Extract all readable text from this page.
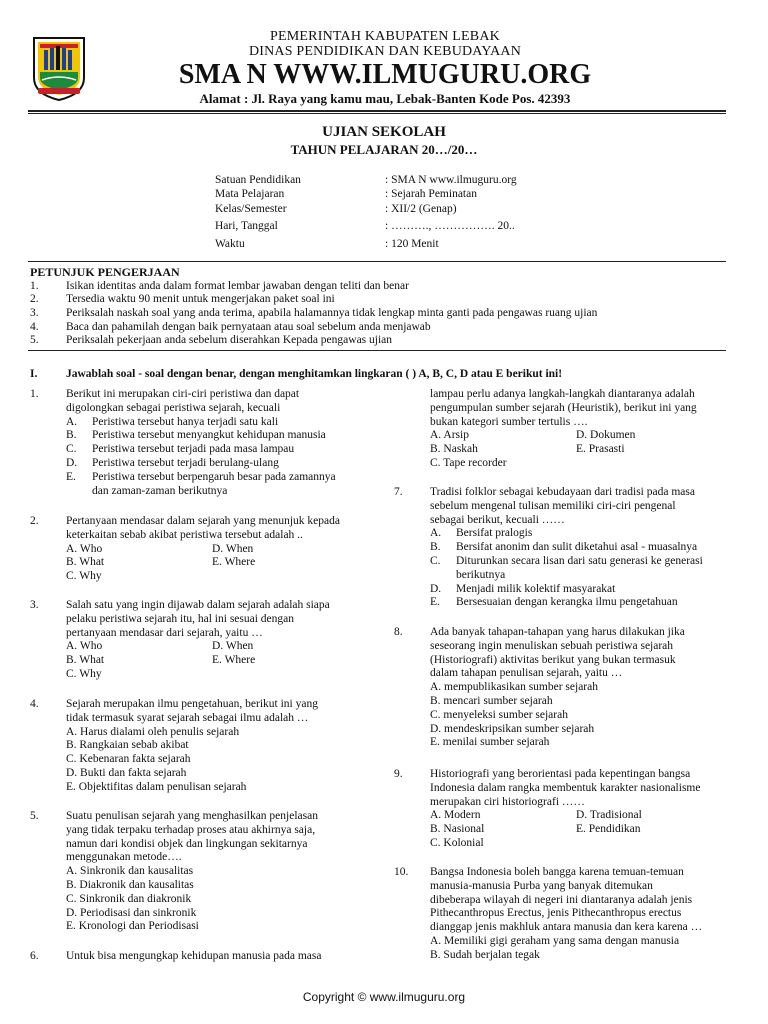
PEMERINTAH KABUPATEN LEBAK
DINAS PENDIDIKAN DAN KEBUDAYAAN
SMA N WWW.ILMUGURU.ORG
Alamat : Jl. Raya yang kamu mau, Lebak-Banten Kode Pos. 42393
UJIAN SEKOLAH
TAHUN PELAJARAN 20…/20…
Satuan Pendidikan	: SMA N www.ilmuguru.org
Mata Pelajaran	: Sejarah Peminatan
Kelas/Semester	: XII/2 (Genap)
Hari, Tanggal	: ………., ……………. 20..
Waktu	: 120 Menit
PETUNJUK PENGERJAAN
1. Isikan identitas anda dalam format lembar jawaban dengan teliti dan benar
2. Tersedia waktu 90 menit untuk mengerjakan paket soal ini
3. Periksalah naskah soal yang anda terima, apabila halamannya tidak lengkap minta ganti pada pengawas ruang ujian
4. Baca dan pahamilah dengan baik pernyataan atau soal sebelum anda menjawab
5. Periksalah pekerjaan anda sebelum diserahkan Kepada pengawas ujian
I. Jawablah soal - soal dengan benar, dengan menghitamkan lingkaran ( ) A, B, C, D atau E berikut ini!
1. Berikut ini merupakan ciri-ciri peristiwa dan dapat
digolongkan sebagai peristiwa sejarah, kecuali
A.	Peristiwa tersebut hanya terjadi satu kali
B.	Peristiwa tersebut menyangkut kehidupan manusia
C.	Peristiwa tersebut terjadi pada masa lampau
D.	Peristiwa tersebut terjadi berulang-ulang
E.	Peristiwa tersebut berpengaruh besar pada zamannya
dan zaman-zaman berikutnya
2. Pertanyaan mendasar dalam sejarah yang menunjuk kepada
keterkaitan sebab akibat peristiwa tersebut adalah ..
A. Who	D. When
B. What	E. Where
C. Why
3. Salah satu yang ingin dijawab dalam sejarah adalah siapa
pelaku peristiwa sejarah itu, hal ini sesuai dengan
pertanyaan mendasar dari sejarah, yaitu …
A. Who	D. When
B. What	E. Where
C. Why
4. Sejarah merupakan ilmu pengetahuan, berikut ini yang
tidak termasuk syarat sejarah sebagai ilmu adalah …
A. Harus dialami oleh penulis sejarah
B. Rangkaian sebab akibat
C. Kebenaran fakta sejarah
D. Bukti dan fakta sejarah
E. Objektifitas dalam penulisan sejarah
5. Suatu penulisan sejarah yang menghasilkan penjelasan
yang tidak terpaku terhadap proses atau akhirnya saja,
namun dari kondisi objek dan lingkungan sekitarnya
menggunakan metode….
A. Sinkronik dan kausalitas
B. Diakronik dan kausalitas
C. Sinkronik dan diakronik
D. Periodisasi dan sinkronik
E. Kronologi dan Periodisasi
6. Untuk bisa mengungkap kehidupan manusia pada masa
lampau perlu adanya langkah-langkah diantaranya adalah
pengumpulan sumber sejarah (Heuristik), berikut ini yang
bukan kategori sumber tertulis ….
A. Arsip	D. Dokumen
B. Naskah	E. Prasasti
C. Tape recorder
7. Tradisi folklor sebagai kebudayaan dari tradisi pada masa
sebelum mengenal tulisan memiliki ciri-ciri pengenal
sebagai berikut, kecuali ……
A.	Bersifat pralogis
B.	Bersifat anonim dan sulit diketahui asal - muasalnya
C.	Diturunkan secara lisan dari satu generasi ke generasi
berikutnya
D.	Menjadi milik kolektif masyarakat
E.	Bersesuaian dengan kerangka ilmu pengetahuan
8. Ada banyak tahapan-tahapan yang harus dilakukan jika
seseorang ingin menuliskan sebuah peristiwa sejarah
(Historiografi) aktivitas berikut yang bukan termasuk
dalam tahapan penulisan sejarah, yaitu …
A. mempublikasikan sumber sejarah
B. mencari sumber sejarah
C. menyeleksi sumber sejarah
D. mendeskripsikan sumber sejarah
E. menilai sumber sejarah
9. Historiografi yang berorientasi pada kepentingan bangsa
Indonesia dalam rangka membentuk karakter nasionalisme
merupakan ciri historiografi ……
A. Modern	D. Tradisional
B. Nasional	E. Pendidikan
C. Kolonial
10. Bangsa Indonesia boleh bangga karena temuan-temuan
manusia-manusia Purba yang banyak ditemukan
dibeberapa wilayah di negeri ini diantaranya adalah jenis
Pithecanthropus Erectus, jenis Pithecanthropus erectus
dianggap jenis makhluk antara manusia dan kera karena …
A. Memiliki gigi geraham yang sama dengan manusia
B. Sudah berjalan tegak
Copyright © www.ilmuguru.org
